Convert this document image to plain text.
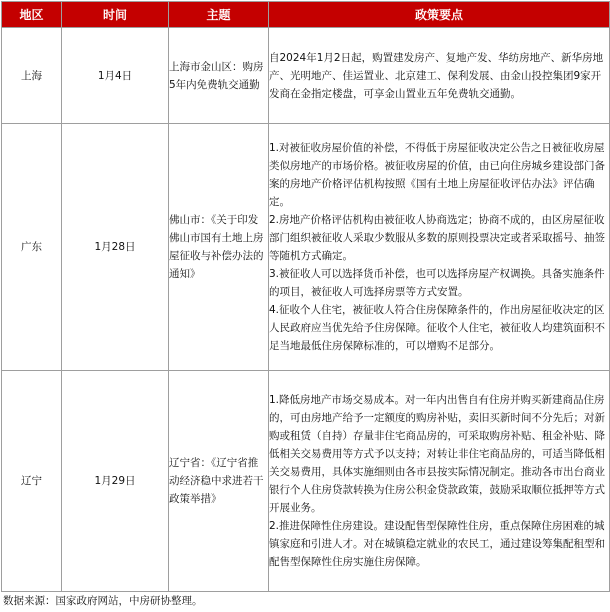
地区	时间	主题	政策要点
上海	1月4日	上海市金山区：购房5年内免费轨交通勤	自2024年1月2日起，购置建发房产、复地产发、华纺房地产、新华房地产、光明地产、佳运置业、北京建工、保利发展、由金山投控集团9家开发商在金指定楼盘，可享金山置业五年免费轨交通勤。

广东	1月28日	佛山市：《关于印发佛山市国有土地上房屋征收与补偿办法的通知》	1.对被征收房屋价值的补偿，不得低于房屋征收决定公告之日被征收房屋类似房地产的市场价格。被征收房屋的价值，由已向住房城乡建设部门备案的房地产价格评估机构按照《国有土地上房屋征收评估办法》评估确定。

2.房地产价格评估机构由被征收人协商选定；协商不成的，由区房屋征收部门组织被征收人采取少数服从多数的原则投票决定或者采取摇号、抽签等随机方式确定。

3.被征收人可以选择货币补偿，也可以选择房屋产权调换。具备实施条件的项目，被征收人可选择房票等方式安置。

4.征收个人住宅，被征收人符合住房保障条件的，作出房屋征收决定的区人民政府应当优先给予住房保障。征收个人住宅，被征收人均建筑面积不足当地最低住房保障标准的，可以增购不足部分。

辽宁	1月29日	辽宁省：《辽宁省推动经济稳中求进若干政策举措》	1.降低房地产市场交易成本。对一年内出售自有住房并购买新建商品住房的，可由房地产给予一定额度的购房补贴，卖旧买新时间不分先后；对新购或租赁（自持）存量非住宅商品房的，可采取购房补贴、租金补贴、降低相关交易费用等方式予以支持；对转让非住宅商品房的，可适当降低相关交易费用，具体实施细则由各市县按实际情况制定。推动各市出台商业银行个人住房贷款转换为住房公积金贷款政策，鼓励采取顺位抵押等方式开展业务。

2.推进保障性住房建设。建设配售型保障性住房，重点保障住房困难的城镇家庭和引进人才。对在城镇稳定就业的农民工，通过建设筹集配租型和配售型保障性住房实施住房保障。

数据来源：国家政府网站，中房研协整理。
